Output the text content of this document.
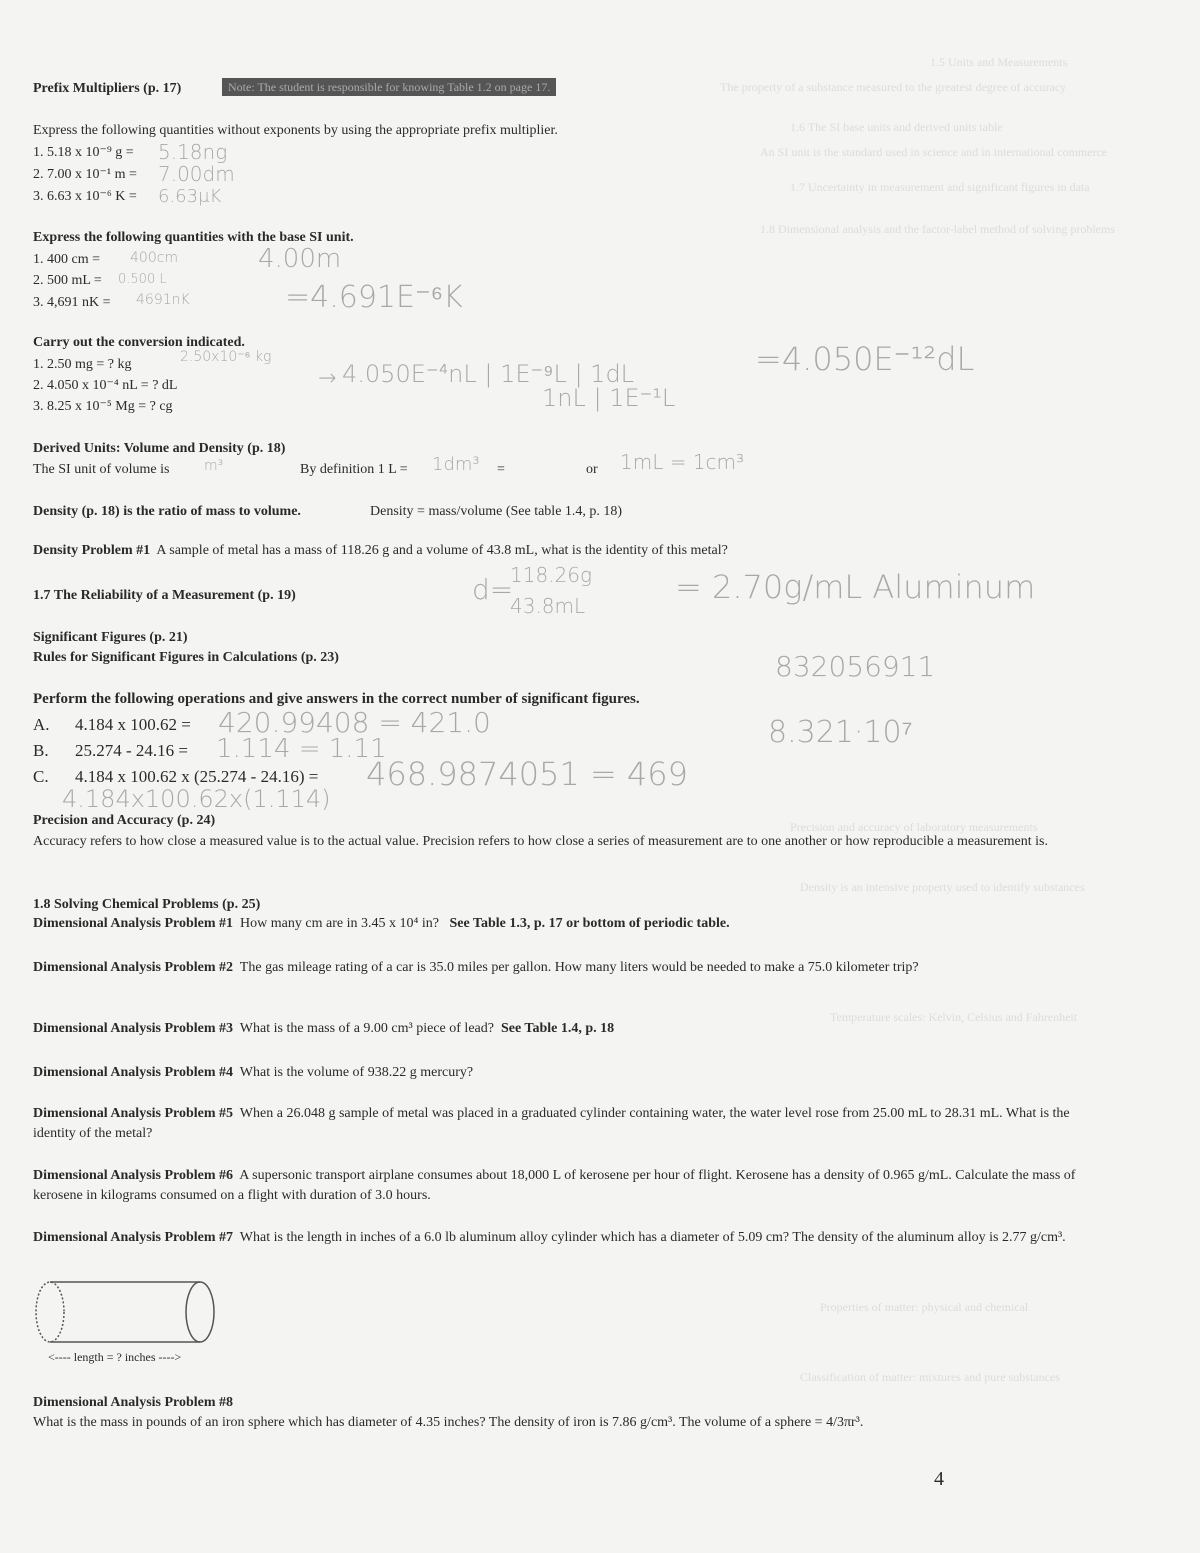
1.5 Units and Measurements
The property of a substance measured to the greatest degree of accuracy
1.6 The SI base units and derived units table
An SI unit is the standard used in science and in international commerce
1.7 Uncertainty in measurement and significant figures in data
1.8 Dimensional analysis and the factor-label method of solving problems
Precision and accuracy of laboratory measurements
Density is an intensive property used to identify substances
Temperature scales: Kelvin, Celsius and Fahrenheit
Properties of matter: physical and chemical
Classification of matter: mixtures and pure substances
Prefix Multipliers (p. 17)	Note: The student is responsible for knowing Table 1.2 on page 17.
Express the following quantities without exponents by using the appropriate prefix multiplier.
1. 5.18 x 10⁻⁹ g =
2. 7.00 x 10⁻¹ m =
3. 6.63 x 10⁻⁶ K =
5.18ng
7.00dm
6.63μK
Express the following quantities with the base SI unit.
1. 400 cm =
2. 500 mL =
3. 4,691 nK =
400cm	4.00m
0.500 L
4691nK	=4.691E⁻⁶K
Carry out the conversion indicated.
1. 2.50 mg = ? kg
2. 4.050 x 10⁻⁴ nL = ? dL
3. 8.25 x 10⁻⁵ Mg = ? cg
2.50x10⁻⁶ kg
→ 4.050E⁻⁴nL | 1E⁻⁹L | 1dL
1nL | 1E⁻¹L
=4.050E⁻¹²dL
Derived Units: Volume and Density (p. 18)
The SI unit of volume is m³	By definition 1 L = 1dm³ =	or 1mL = 1cm³
Density (p. 18) is the ratio of mass to volume.	Density = mass/volume (See table 1.4, p. 18)
Density Problem #1 A sample of metal has a mass of 118.26 g and a volume of 43.8 mL, what is the identity of this metal?
d=
118.26g
43.8mL	= 2.70g/mL Aluminum
1.7 The Reliability of a Measurement (p. 19)
Significant Figures (p. 21)
Rules for Significant Figures in Calculations (p. 23)	832056911
8.321·10⁷
Perform the following operations and give answers in the correct number of significant figures.
A. 4.184 x 100.62 = 420.99408 = 421.0
B. 25.274 - 24.16 = 1.114 = 1.11
C. 4.184 x 100.62 x (25.274 - 24.16) = 468.9874051 = 469
4.184x100.62x(1.114)
Precision and Accuracy (p. 24)
Accuracy refers to how close a measured value is to the actual value. Precision refers to how close a series of measurement are to one another or how reproducible a measurement is.
1.8 Solving Chemical Problems (p. 25)
Dimensional Analysis Problem #1 How many cm are in 3.45 x 10⁴ in? See Table 1.3, p. 17 or bottom of periodic table.
Dimensional Analysis Problem #2 The gas mileage rating of a car is 35.0 miles per gallon. How many liters would be needed to make a 75.0 kilometer trip?
Dimensional Analysis Problem #3 What is the mass of a 9.00 cm³ piece of lead? See Table 1.4, p. 18
Dimensional Analysis Problem #4 What is the volume of 938.22 g mercury?
Dimensional Analysis Problem #5 When a 26.048 g sample of metal was placed in a graduated cylinder containing water, the water level rose from 25.00 mL to 28.31 mL. What is the identity of the metal?
Dimensional Analysis Problem #6 A supersonic transport airplane consumes about 18,000 L of kerosene per hour of flight. Kerosene has a density of 0.965 g/mL. Calculate the mass of kerosene in kilograms consumed on a flight with duration of 3.0 hours.
Dimensional Analysis Problem #7 What is the length in inches of a 6.0 lb aluminum alloy cylinder which has a diameter of 5.09 cm? The density of the aluminum alloy is 2.77 g/cm³.
<---- length = ? inches ---->
Dimensional Analysis Problem #8
What is the mass in pounds of an iron sphere which has diameter of 4.35 inches? The density of iron is 7.86 g/cm³. The volume of a sphere = 4/3πr³.
4
